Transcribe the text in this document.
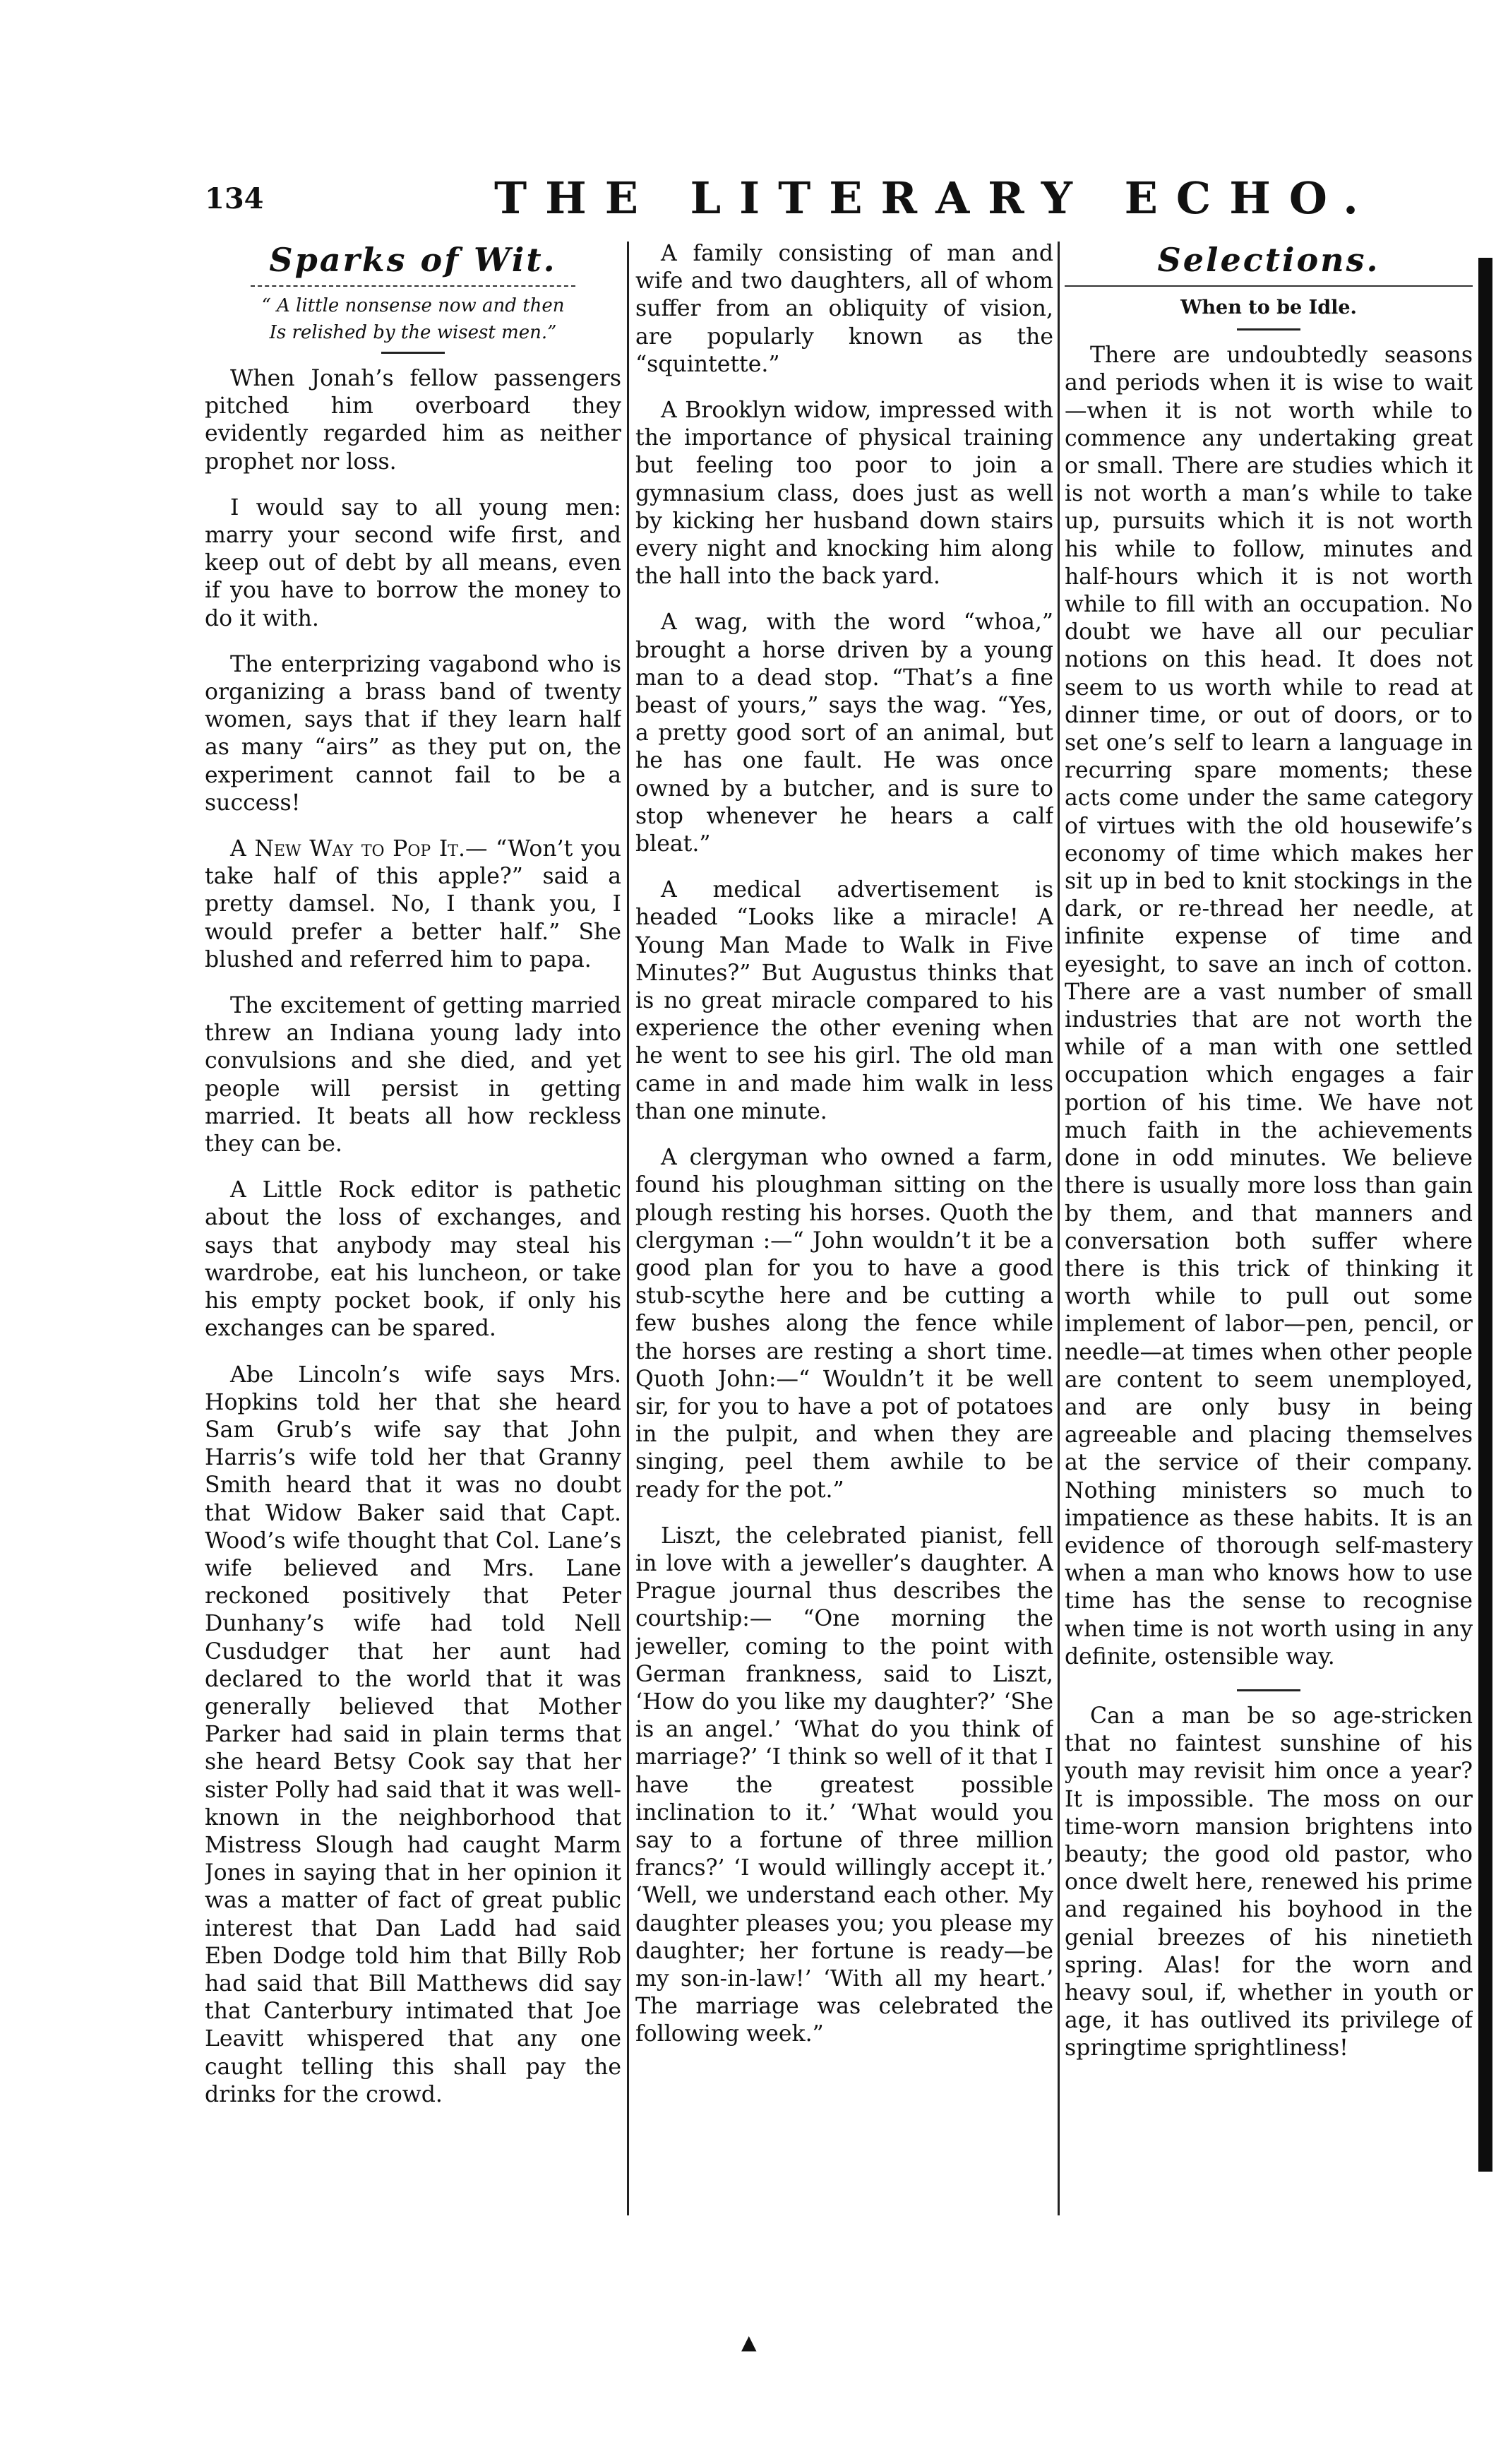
134	THE LITERARY ECHO.
Sparks of Wit.
“ A little nonsense now and then
Is relished by the wisest men.”

When Jonah’s fellow passengers pitched him overboard they evidently regarded him as neither prophet nor loss.

I would say to all young men: marry your second wife first, and keep out of debt by all means, even if you have to borrow the money to do it with.

The enterprizing vagabond who is organizing a brass band of twenty women, says that if they learn half as many “airs” as they put on, the experiment cannot fail to be a success!

A New Way to Pop It.— “Won’t you take half of this apple?” said a pretty damsel. No, I thank you, I would prefer a better half.” She blushed and referred him to papa.

The excitement of getting married threw an Indiana young lady into convulsions and she died, and yet people will persist in getting married. It beats all how reckless they can be.

A Little Rock editor is pathetic about the loss of exchanges, and says that anybody may steal his wardrobe, eat his luncheon, or take his empty pocket book, if only his exchanges can be spared.

Abe Lincoln’s wife says Mrs. Hopkins told her that she heard Sam Grub’s wife say that John Harris’s wife told her that Granny Smith heard that it was no doubt that Widow Baker said that Capt. Wood’s wife thought that Col. Lane’s wife believed and Mrs. Lane reckoned positively that Peter Dunhany’s wife had told Nell Cusdudger that her aunt had declared to the world that it was generally believed that Mother Parker had said in plain terms that she heard Betsy Cook say that her sister Polly had said that it was well-known in the neighborhood that Mistress Slough had caught Marm Jones in saying that in her opinion it was a matter of fact of great public interest that Dan Ladd had said Eben Dodge told him that Billy Rob had said that Bill Matthews did say that Canterbury intimated that Joe Leavitt whispered that any one caught telling this shall pay the drinks for the crowd.

A family consisting of man and wife and two daughters, all of whom suffer from an obliquity of vision, are popularly known as the “squintette.”

A Brooklyn widow, impressed with the importance of physical training but feeling too poor to join a gymnasium class, does just as well by kicking her husband down stairs every night and knocking him along the hall into the back yard.

A wag, with the word “whoa,” brought a horse driven by a young man to a dead stop. “That’s a fine beast of yours,” says the wag. “Yes, a pretty good sort of an animal, but he has one fault. He was once owned by a butcher, and is sure to stop whenever he hears a calf bleat.”

A medical advertisement is headed “Looks like a miracle! A Young Man Made to Walk in Five Minutes?” But Augustus thinks that is no great miracle compared to his experience the other evening when he went to see his girl. The old man came in and made him walk in less than one minute.

A clergyman who owned a farm, found his ploughman sitting on the plough resting his horses. Quoth the clergyman :—“ John wouldn’t it be a good plan for you to have a good stub-scythe here and be cutting a few bushes along the fence while the horses are resting a short time. Quoth John:—“ Wouldn’t it be well sir, for you to have a pot of potatoes in the pulpit, and when they are singing, peel them awhile to be ready for the pot.”

Liszt, the celebrated pianist, fell in love with a jeweller’s daughter. A Prague journal thus describes the courtship:— “One morning the jeweller, coming to the point with German frankness, said to Liszt, ‘How do you like my daughter?’ ‘She is an angel.’ ‘What do you think of marriage?’ ‘I think so well of it that I have the greatest possible inclination to it.’ ‘What would you say to a fortune of three million francs?’ ‘I would willingly accept it.’ ‘Well, we understand each other. My daughter pleases you; you please my daughter; her fortune is ready—be my son-in-law!’ ‘With all my heart.’ The marriage was celebrated the following week.”

Selections.
When to be Idle.

There are undoubtedly seasons and periods when it is wise to wait—when it is not worth while to commence any undertaking great or small. There are studies which it is not worth a man’s while to take up, pursuits which it is not worth his while to follow, minutes and half-hours which it is not worth while to fill with an occupation. No doubt we have all our peculiar notions on this head. It does not seem to us worth while to read at dinner time, or out of doors, or to set one’s self to learn a language in recurring spare moments; these acts come under the same category of virtues with the old housewife’s economy of time which makes her sit up in bed to knit stockings in the dark, or re-thread her needle, at infinite expense of time and eyesight, to save an inch of cotton. There are a vast number of small industries that are not worth the while of a man with one settled occupation which engages a fair portion of his time. We have not much faith in the achievements done in odd minutes. We believe there is usually more loss than gain by them, and that manners and conversation both suffer where there is this trick of thinking it worth while to pull out some implement of labor—pen, pencil, or needle—at times when other people are content to seem unemployed, and are only busy in being agreeable and placing themselves at the service of their company. Nothing ministers so much to impatience as these habits. It is an evidence of thorough self-mastery when a man who knows how to use time has the sense to recognise when time is not worth using in any definite, ostensible way.

Can a man be so age-stricken that no faintest sunshine of his youth may revisit him once a year? It is impossible. The moss on our time-worn mansion brightens into beauty; the good old pastor, who once dwelt here, renewed his prime and regained his boyhood in the genial breezes of his ninetieth spring. Alas! for the worn and heavy soul, if, whether in youth or age, it has outlived its privilege of springtime sprightliness!

▲
